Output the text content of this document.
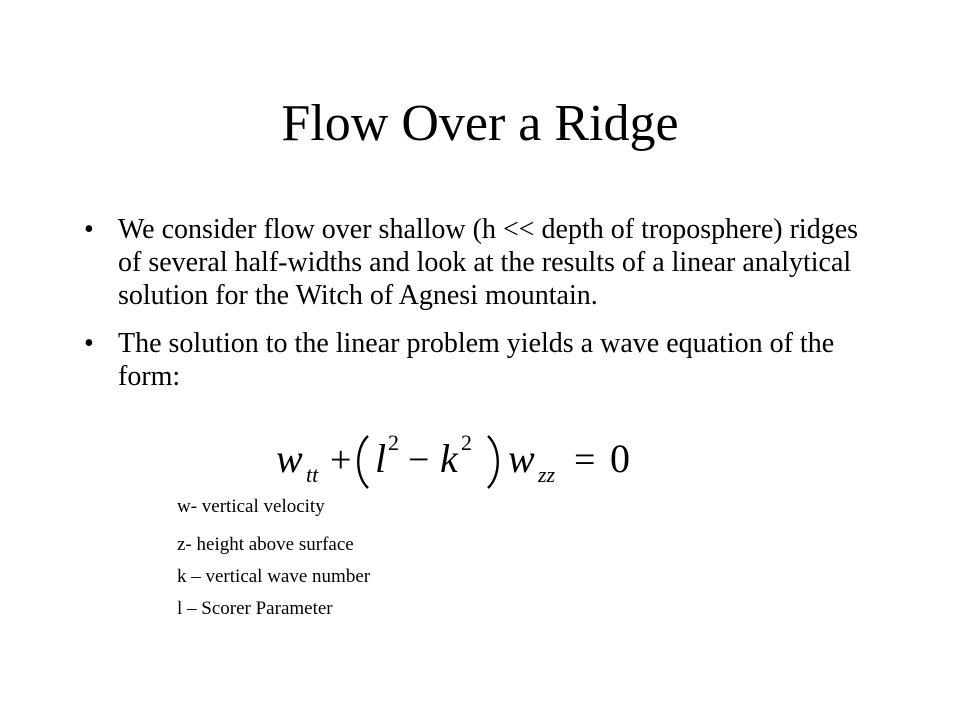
Flow Over a Ridge
• We consider flow over shallow (h << depth of troposphere) ridges of several half-widths and look at the results of a linear analytical solution for the Witch of Agnesi mountain.
• The solution to the linear problem yields a wave equation of the form:
w tt + l 2 − k 2 w zz = 0
w- vertical velocity
z- height above surface
k – vertical wave number
l – Scorer Parameter
